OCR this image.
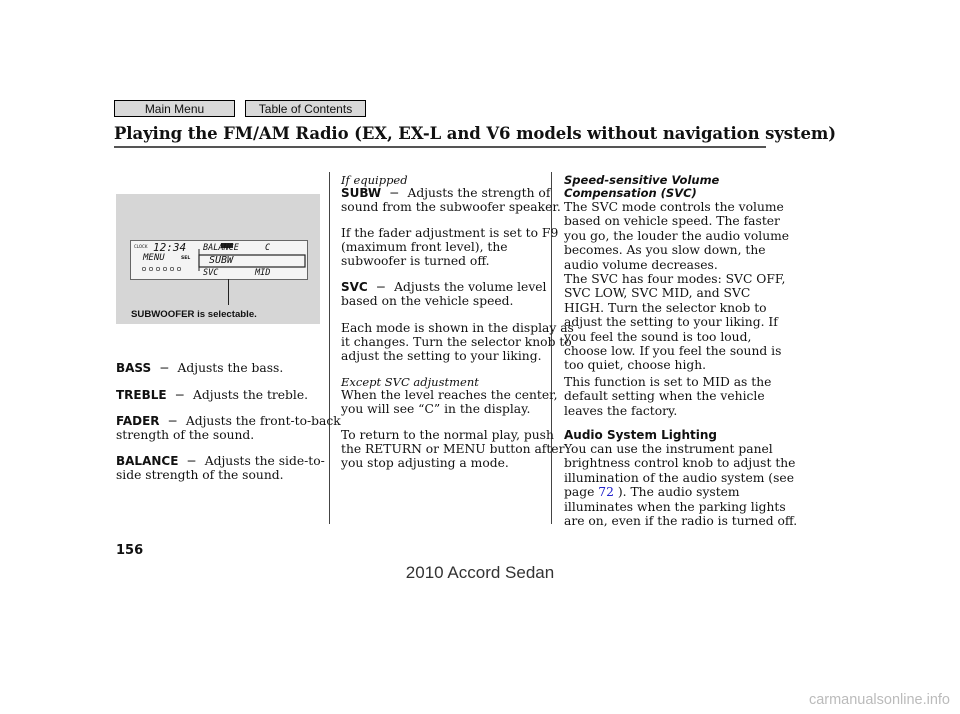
Main Menu	Table of Contents
Playing the FM/AM Radio (EX, EX-L and V6 models without navigation system)
CLOCK 12:34
MENU	SEL
BALANCE	C
SUBW
SVC	MID
SUBWOOFER is selectable.
BASS − Adjusts the bass.
TREBLE − Adjusts the treble.
FADER − Adjusts the front-to-back
strength of the sound.
BALANCE − Adjusts the side-to-
side strength of the sound.
If equipped
SUBW − Adjusts the strength of
sound from the subwoofer speaker.
If the fader adjustment is set to F9
(maximum front level), the
subwoofer is turned off.
SVC − Adjusts the volume level
based on the vehicle speed.
Each mode is shown in the display as
it changes. Turn the selector knob to
adjust the setting to your liking.
Except SVC adjustment
When the level reaches the center,
you will see “C” in the display.
To return to the normal play, push
the RETURN or MENU button after
you stop adjusting a mode.
Speed-sensitive Volume
Compensation (SVC)
The SVC mode controls the volume
based on vehicle speed. The faster
you go, the louder the audio volume
becomes. As you slow down, the
audio volume decreases.
The SVC has four modes: SVC OFF,
SVC LOW, SVC MID, and SVC
HIGH. Turn the selector knob to
adjust the setting to your liking. If
you feel the sound is too loud,
choose low. If you feel the sound is
too quiet, choose high.
This function is set to MID as the
default setting when the vehicle
leaves the factory.
Audio System Lighting
You can use the instrument panel
brightness control knob to adjust the
illumination of the audio system (see
page 72 ). The audio system
illuminates when the parking lights
are on, even if the radio is turned off.
156
2010 Accord Sedan
carmanualsonline.info
